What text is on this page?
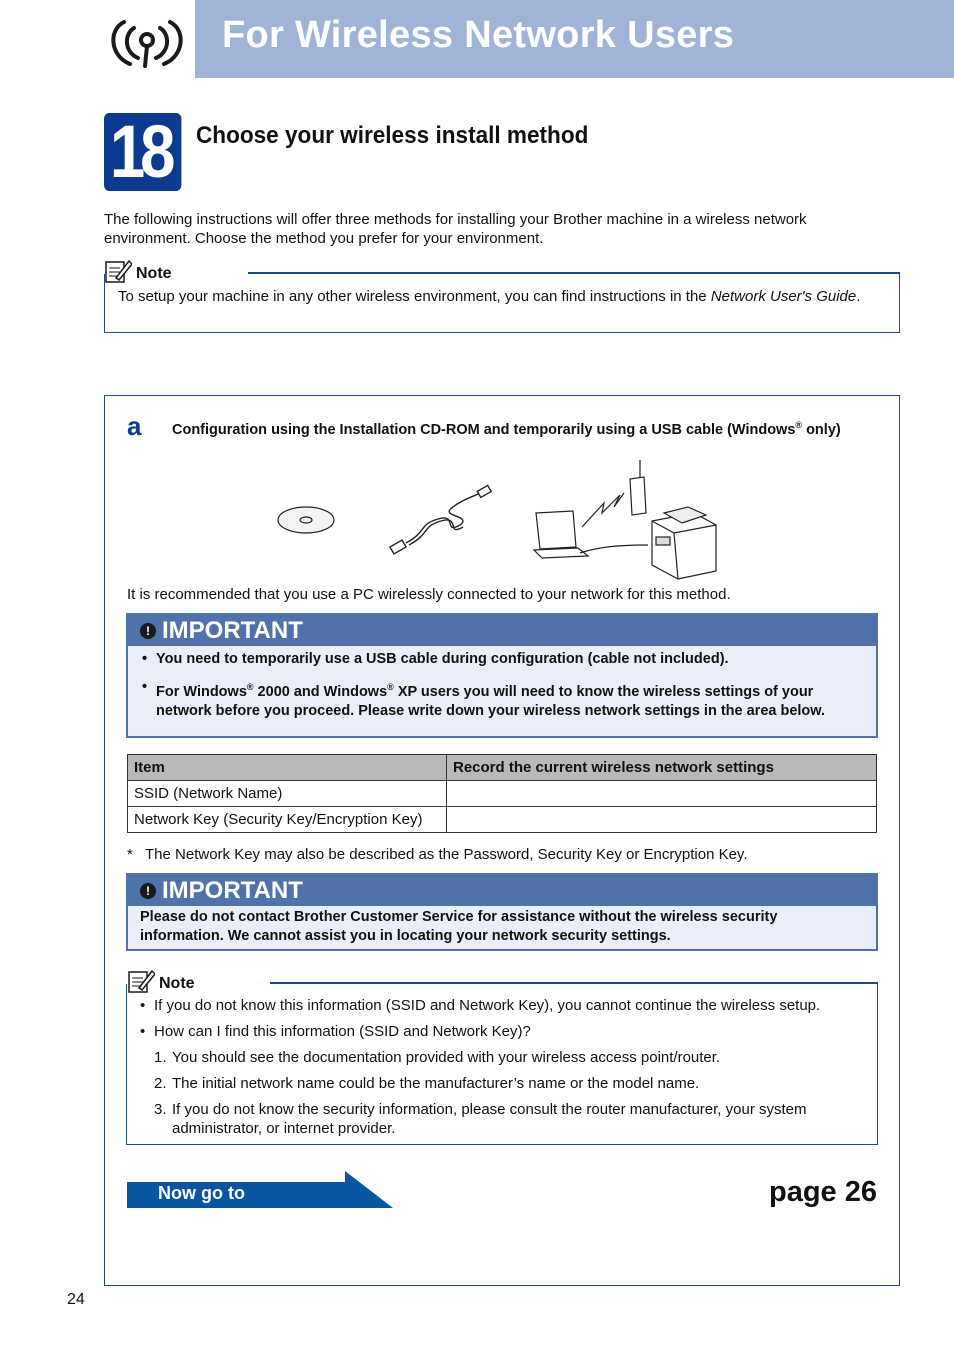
For Wireless Network Users
18	Choose your wireless install method
The following instructions will offer three methods for installing your Brother machine in a wireless network environment. Choose the method you prefer for your environment.
Note
To setup your machine in any other wireless environment, you can find instructions in the Network User's Guide.
a Configuration using the Installation CD-ROM and temporarily using a USB cable (Windows® only)
It is recommended that you use a PC wirelessly connected to your network for this method.
! IMPORTANT
• You need to temporarily use a USB cable during configuration (cable not included).
• For Windows® 2000 and Windows® XP users you will need to know the wireless settings of your network before you proceed. Please write down your wireless network settings in the area below.
Item	Record the current wireless network settings
SSID (Network Name)	
Network Key (Security Key/Encryption Key)	
* The Network Key may also be described as the Password, Security Key or Encryption Key.
! IMPORTANT
Please do not contact Brother Customer Service for assistance without the wireless security information. We cannot assist you in locating your network security settings.
Note
• If you do not know this information (SSID and Network Key), you cannot continue the wireless setup.
• How can I find this information (SSID and Network Key)?
1. You should see the documentation provided with your wireless access point/router.
2. The initial network name could be the manufacturer’s name or the model name.
3. If you do not know the security information, please consult the router manufacturer, your system administrator, or internet provider.
Now go to	page 26
24
